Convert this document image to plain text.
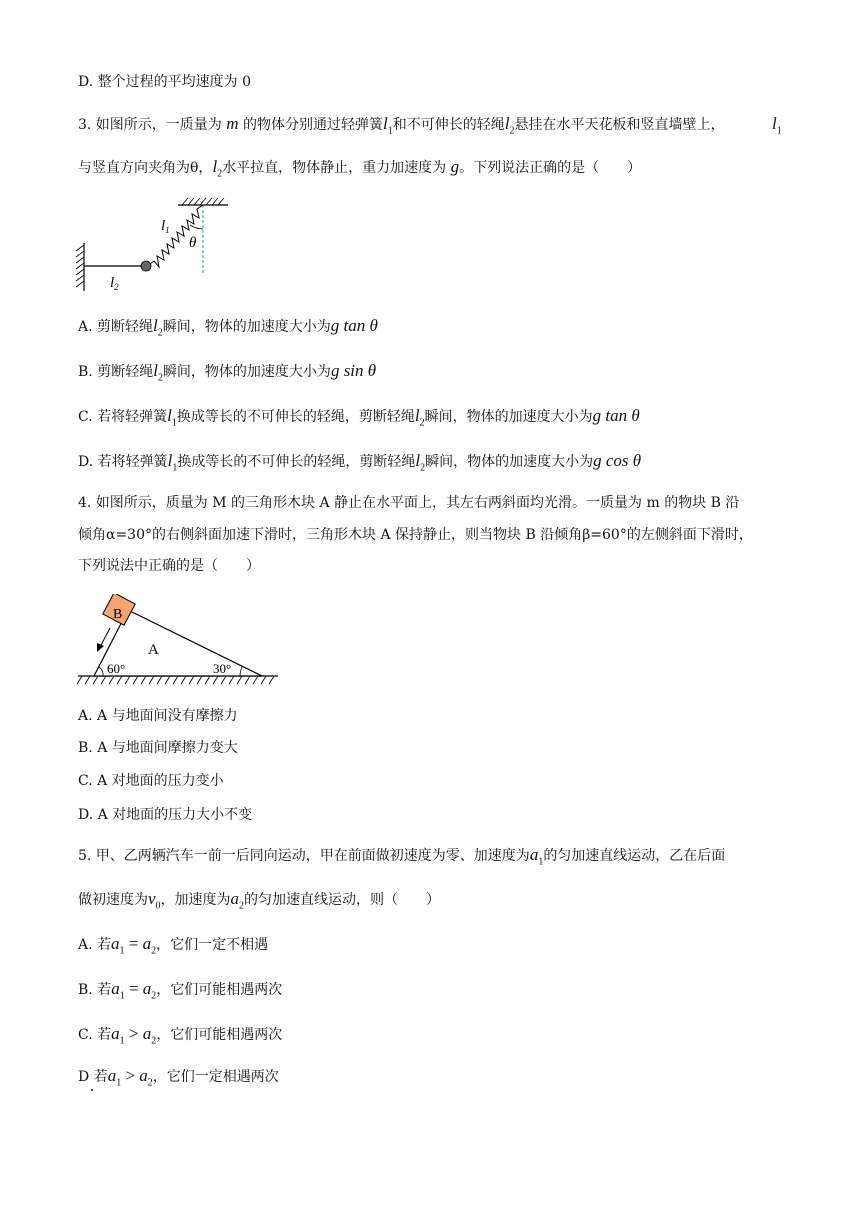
D. 整个过程的平均速度为 0
3. 如图所示，一质量为 m 的物体分别通过轻弹簧$l_1$和不可伸长的轻绳$l_2$悬挂在水平天花板和竖直墙壁上，	$l_1$
与竖直方向夹角为θ，$l_2$水平拉直，物体静止，重力加速度为 g。下列说法正确的是（　　）
$l_1$
θ
$l_2$
A. 剪断轻绳$l_2$瞬间，物体的加速度大小为g tan θ
B. 剪断轻绳$l_2$瞬间，物体的加速度大小为g sin θ
C. 若将轻弹簧$l_1$换成等长的不可伸长的轻绳，剪断轻绳$l_2$瞬间，物体的加速度大小为g tan θ
D. 若将轻弹簧$l_1$换成等长的不可伸长的轻绳，剪断轻绳$l_2$瞬间，物体的加速度大小为g cos θ
4. 如图所示，质量为 M 的三角形木块 A 静止在水平面上，其左右两斜面均光滑。一质量为 m 的物块 B 沿
倾角α=30°的右侧斜面加速下滑时，三角形木块 A 保持静止，则当物块 B 沿倾角β=60°的左侧斜面下滑时，
下列说法中正确的是（　　）
B
A
60°	30°
A. A 与地面间没有摩擦力
B. A 与地面间摩擦力变大
C. A 对地面的压力变小
D. A 对地面的压力大小不变
5. 甲、乙两辆汽车一前一后同向运动，甲在前面做初速度为零、加速度为$a_1$的匀加速直线运动，乙在后面
做初速度为$v_0$，加速度为$a_2$的匀加速直线运动，则（　　）
A. 若$a_1 = a_2$，它们一定不相遇
B. 若$a_1 = a_2$，它们可能相遇两次
C. 若$a_1 > a_2$，它们可能相遇两次
D 若$a_1 > a_2$，它们一定相遇两次
